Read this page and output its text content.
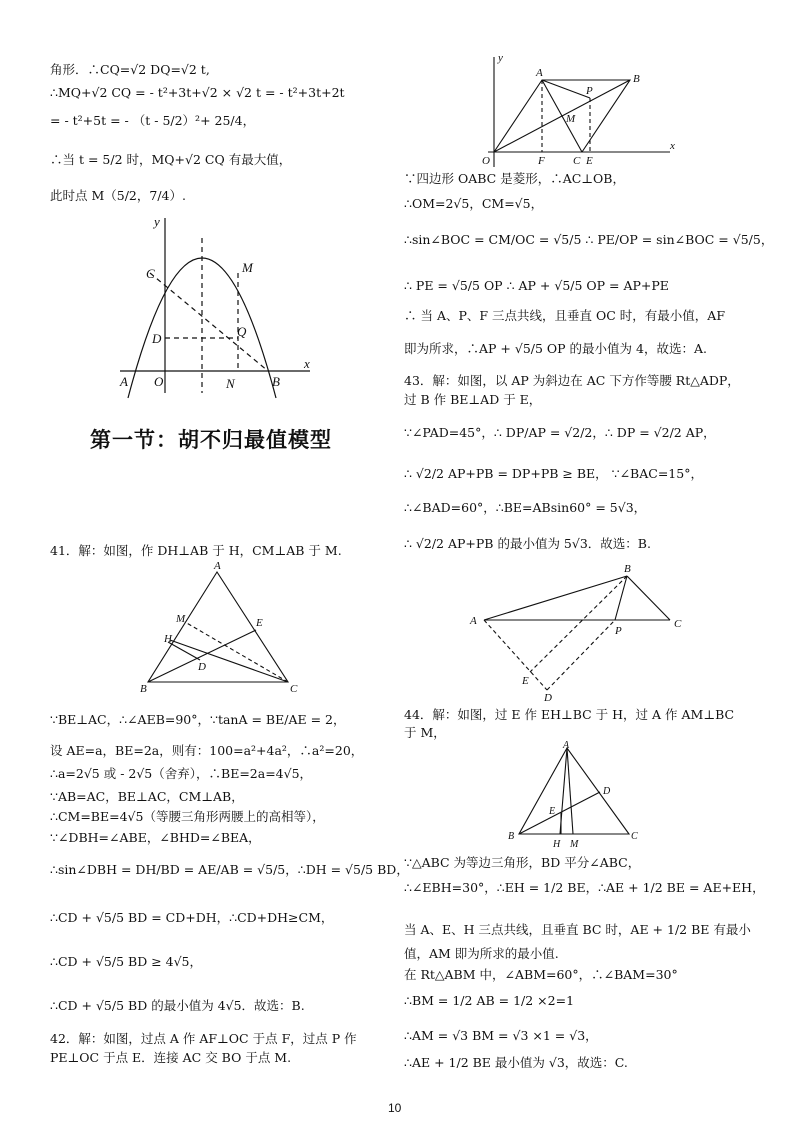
角形．∴CQ=√2 DQ=√2 t,
∴MQ+√2 CQ = - t²+3t+√2 × √2 t = - t²+3t+2t
= - t²+5t = - （t - 5/2）²+ 25/4，
∴当 t = 5/2 时，MQ+√2 CQ 有最大值，
此时点 M（5/2，7/4）.
y
x
C	M
Q
D
A O	N	B
第一节：胡不归最值模型
41．解：如图，作 DH⊥AB 于 H，CM⊥AB 于 M.
A
M	E
H
D
B	C
∵BE⊥AC，∴∠AEB=90°，∵tanA = BE/AE = 2，
设 AE=a，BE=2a，则有：100=a²+4a²，∴a²=20，
∴a=2√5 或 - 2√5（舍弃），∴BE=2a=4√5，
∵AB=AC，BE⊥AC，CM⊥AB，
∴CM=BE=4√5（等腰三角形两腰上的高相等），
∵∠DBH=∠ABE，∠BHD=∠BEA，
∴sin∠DBH = DH/BD = AE/AB = √5/5，∴DH = √5/5 BD，
∴CD + √5/5 BD = CD+DH，∴CD+DH≥CM，
∴CD + √5/5 BD ≥ 4√5，
∴CD + √5/5 BD 的最小值为 4√5．故选：B.
42．解：如图，过点 A 作 AF⊥OC 于点 F，过点 P 作
PE⊥OC 于点 E．连接 AC 交 BO 于点 M.
y
A	B
P
M
O	F	C E
x
∵四边形 OABC 是菱形，∴AC⊥OB，
∴OM=2√5，CM=√5，
∴sin∠BOC = CM/OC = √5/5 ∴ PE/OP = sin∠BOC = √5/5，
∴ PE = √5/5 OP ∴ AP + √5/5 OP = AP+PE
∴ 当 A、P、F 三点共线，且垂直 OC 时，有最小值，AF
即为所求，∴AP + √5/5 OP 的最小值为 4，故选：A.
43．解：如图，以 AP 为斜边在 AC 下方作等腰 Rt△ADP，
过 B 作 BE⊥AD 于 E，
∵∠PAD=45°，∴ DP/AP = √2/2，∴ DP = √2/2 AP，
∴ √2/2 AP+PB = DP+PB ≥ BE， ∵∠BAC=15°，
∴∠BAD=60°，∴BE=ABsin60° = 5√3，
∴ √2/2 AP+PB 的最小值为 5√3．故选：B.
B
A
P
C
E
D
44．解：如图，过 E 作 EH⊥BC 于 H，过 A 作 AM⊥BC
于 M，
A
D
E
B
H M
C
∵△ABC 为等边三角形，BD 平分∠ABC，
∴∠EBH=30°，∴EH = 1/2 BE，∴AE + 1/2 BE = AE+EH，
当 A、E、H 三点共线，且垂直 BC 时，AE + 1/2 BE 有最小
值，AM 即为所求的最小值.
在 Rt△ABM 中，∠ABM=60°，∴∠BAM=30°
∴BM = 1/2 AB = 1/2 ×2=1
∴AM = √3 BM = √3 ×1 = √3，
∴AE + 1/2 BE 最小值为 √3，故选：C.
10
